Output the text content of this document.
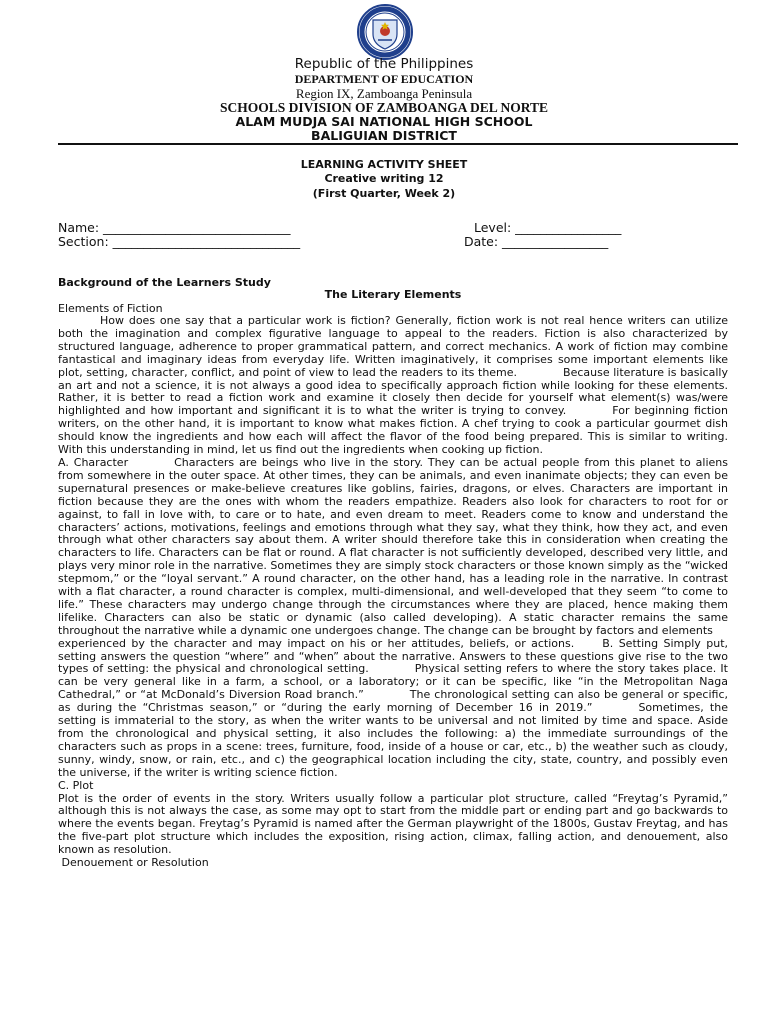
Republic of the Philippines
DEPARTMENT OF EDUCATION
Region IX, Zamboanga Peninsula
SCHOOLS DIVISION OF ZAMBOANGA DEL NORTE
ALAM MUDJA SAI NATIONAL HIGH SCHOOL
BALIGUIAN DISTRICT
LEARNING ACTIVITY SHEET
Creative writing 12
(First Quarter, Week 2)
Name: ______________________________	Level: _________________
Section: ______________________________	Date: _________________
Background of the Learners Study
The Literary Elements
Elements of Fiction

How does one say that a particular work is fiction? Generally, fiction work is not real hence writers can utilize both the imagination and complex figurative language to appeal to the readers. Fiction is also characterized by structured language, adherence to proper grammatical pattern, and correct mechanics. A work of fiction may combine fantastical and imaginary ideas from everyday life. Written imaginatively, it comprises some important elements like plot, setting, character, conflict, and point of view to lead the readers to its theme.	Because literature is basically an art and not a science, it is not always a good idea to specifically approach fiction while looking for these elements. Rather, it is better to read a fiction work and examine it closely then decide for yourself what element(s) was/were highlighted and how important and significant it is to what the writer is trying to convey.	For beginning fiction writers, on the other hand, it is important to know what makes fiction. A chef trying to cook a particular gourmet dish should know the ingredients and how each will affect the flavor of the food being prepared. This is similar to writing. With this understanding in mind, let us find out the ingredients when cooking up fiction.

A. Character	Characters are beings who live in the story. They can be actual people from this planet to aliens from somewhere in the outer space. At other times, they can be animals, and even inanimate objects; they can even be supernatural presences or make-believe creatures like goblins, fairies, dragons, or elves. Characters are important in fiction because they are the ones with whom the readers empathize. Readers also look for characters to root for or against, to fall in love with, to care or to hate, and even dream to meet. Readers come to know and understand the characters’ actions, motivations, feelings and emotions through what they say, what they think, how they act, and even through what other characters say about them. A writer should therefore take this in consideration when creating the characters to life. Characters can be flat or round. A flat character is not sufficiently developed, described very little, and plays very minor role in the narrative. Sometimes they are simply stock characters or those known simply as the “wicked stepmom,” or the “loyal servant.” A round character, on the other hand, has a leading role in the narrative. In contrast with a flat character, a round character is complex, multi-dimensional, and well-developed that they seem “to come to life.” These characters may undergo change through the circumstances where they are placed, hence making them lifelike. Characters can also be static or dynamic (also called developing). A static character remains the same throughout the narrative while a dynamic one undergoes change. The change can be brought by factors and elements

experienced by the character and may impact on his or her attitudes, beliefs, or actions.	B. Setting Simply put, setting answers the question “where” and “when” about the narrative. Answers to these questions give rise to the two types of setting: the physical and chronological setting.	Physical setting refers to where the story takes place. It can be very general like in a farm, a school, or a laboratory; or it can be specific, like “in the Metropolitan Naga Cathedral,” or “at McDonald’s Diversion Road branch.”	The chronological setting can also be general or specific, as during the “Christmas season,” or “during the early morning of December 16 in 2019.”	Sometimes, the setting is immaterial to the story, as when the writer wants to be universal and not limited by time and space. Aside from the chronological and physical setting, it also includes the following: a) the immediate surroundings of the characters such as props in a scene: trees, furniture, food, inside of a house or car, etc., b) the weather such as cloudy, sunny, windy, snow, or rain, etc., and c) the geographical location including the city, state, country, and possibly even the universe, if the writer is writing science fiction.

C. Plot

Plot is the order of events in the story. Writers usually follow a particular plot structure, called “Freytag’s Pyramid,” although this is not always the case, as some may opt to start from the middle part or ending part and go backwards to where the events began. Freytag’s Pyramid is named after the German playwright of the 1800s, Gustav Freytag, and has the five-part plot structure which includes the exposition, rising action, climax, falling action, and denouement, also known as resolution.

Denouement or Resolution
